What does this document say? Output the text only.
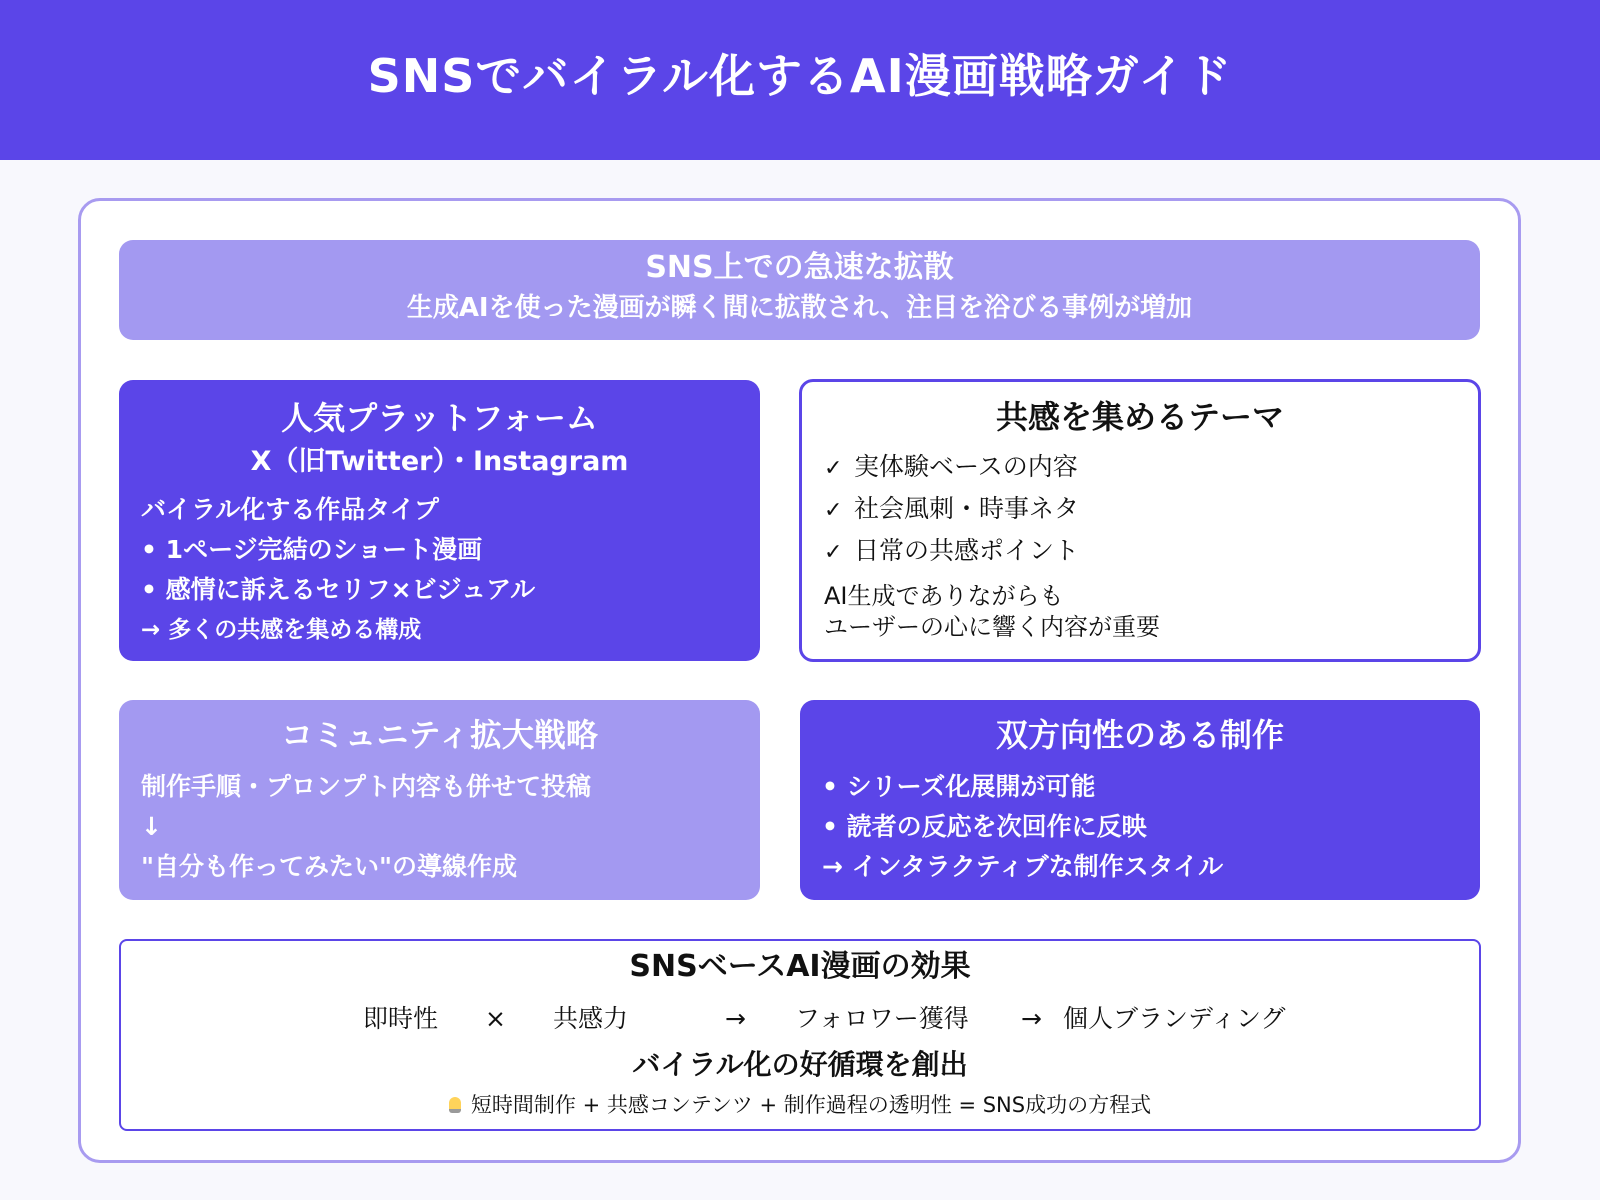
SNSでバイラル化するAI漫画戦略ガイド
SNS上での急速な拡散
生成AIを使った漫画が瞬く間に拡散され、注目を浴びる事例が増加
人気プラットフォーム
X（旧Twitter）・Instagram
バイラル化する作品タイプ
• 1ページ完結のショート漫画
• 感情に訴えるセリフ×ビジュアル
→ 多くの共感を集める構成
共感を集めるテーマ
✓ 実体験ベースの内容
✓ 社会風刺・時事ネタ
✓ 日常の共感ポイント
AI生成でありながらも
ユーザーの心に響く内容が重要
コミュニティ拡大戦略
制作手順・プロンプト内容も併せて投稿
↓
"自分も作ってみたい"の導線作成
双方向性のある制作
• シリーズ化展開が可能
• 読者の反応を次回作に反映
→ インタラクティブな制作スタイル
SNSベースAI漫画の効果
即時性 × 共感力	→ フォロワー獲得 → 個人ブランディング
バイラル化の好循環を創出
短時間制作 + 共感コンテンツ + 制作過程の透明性 = SNS成功の方程式
